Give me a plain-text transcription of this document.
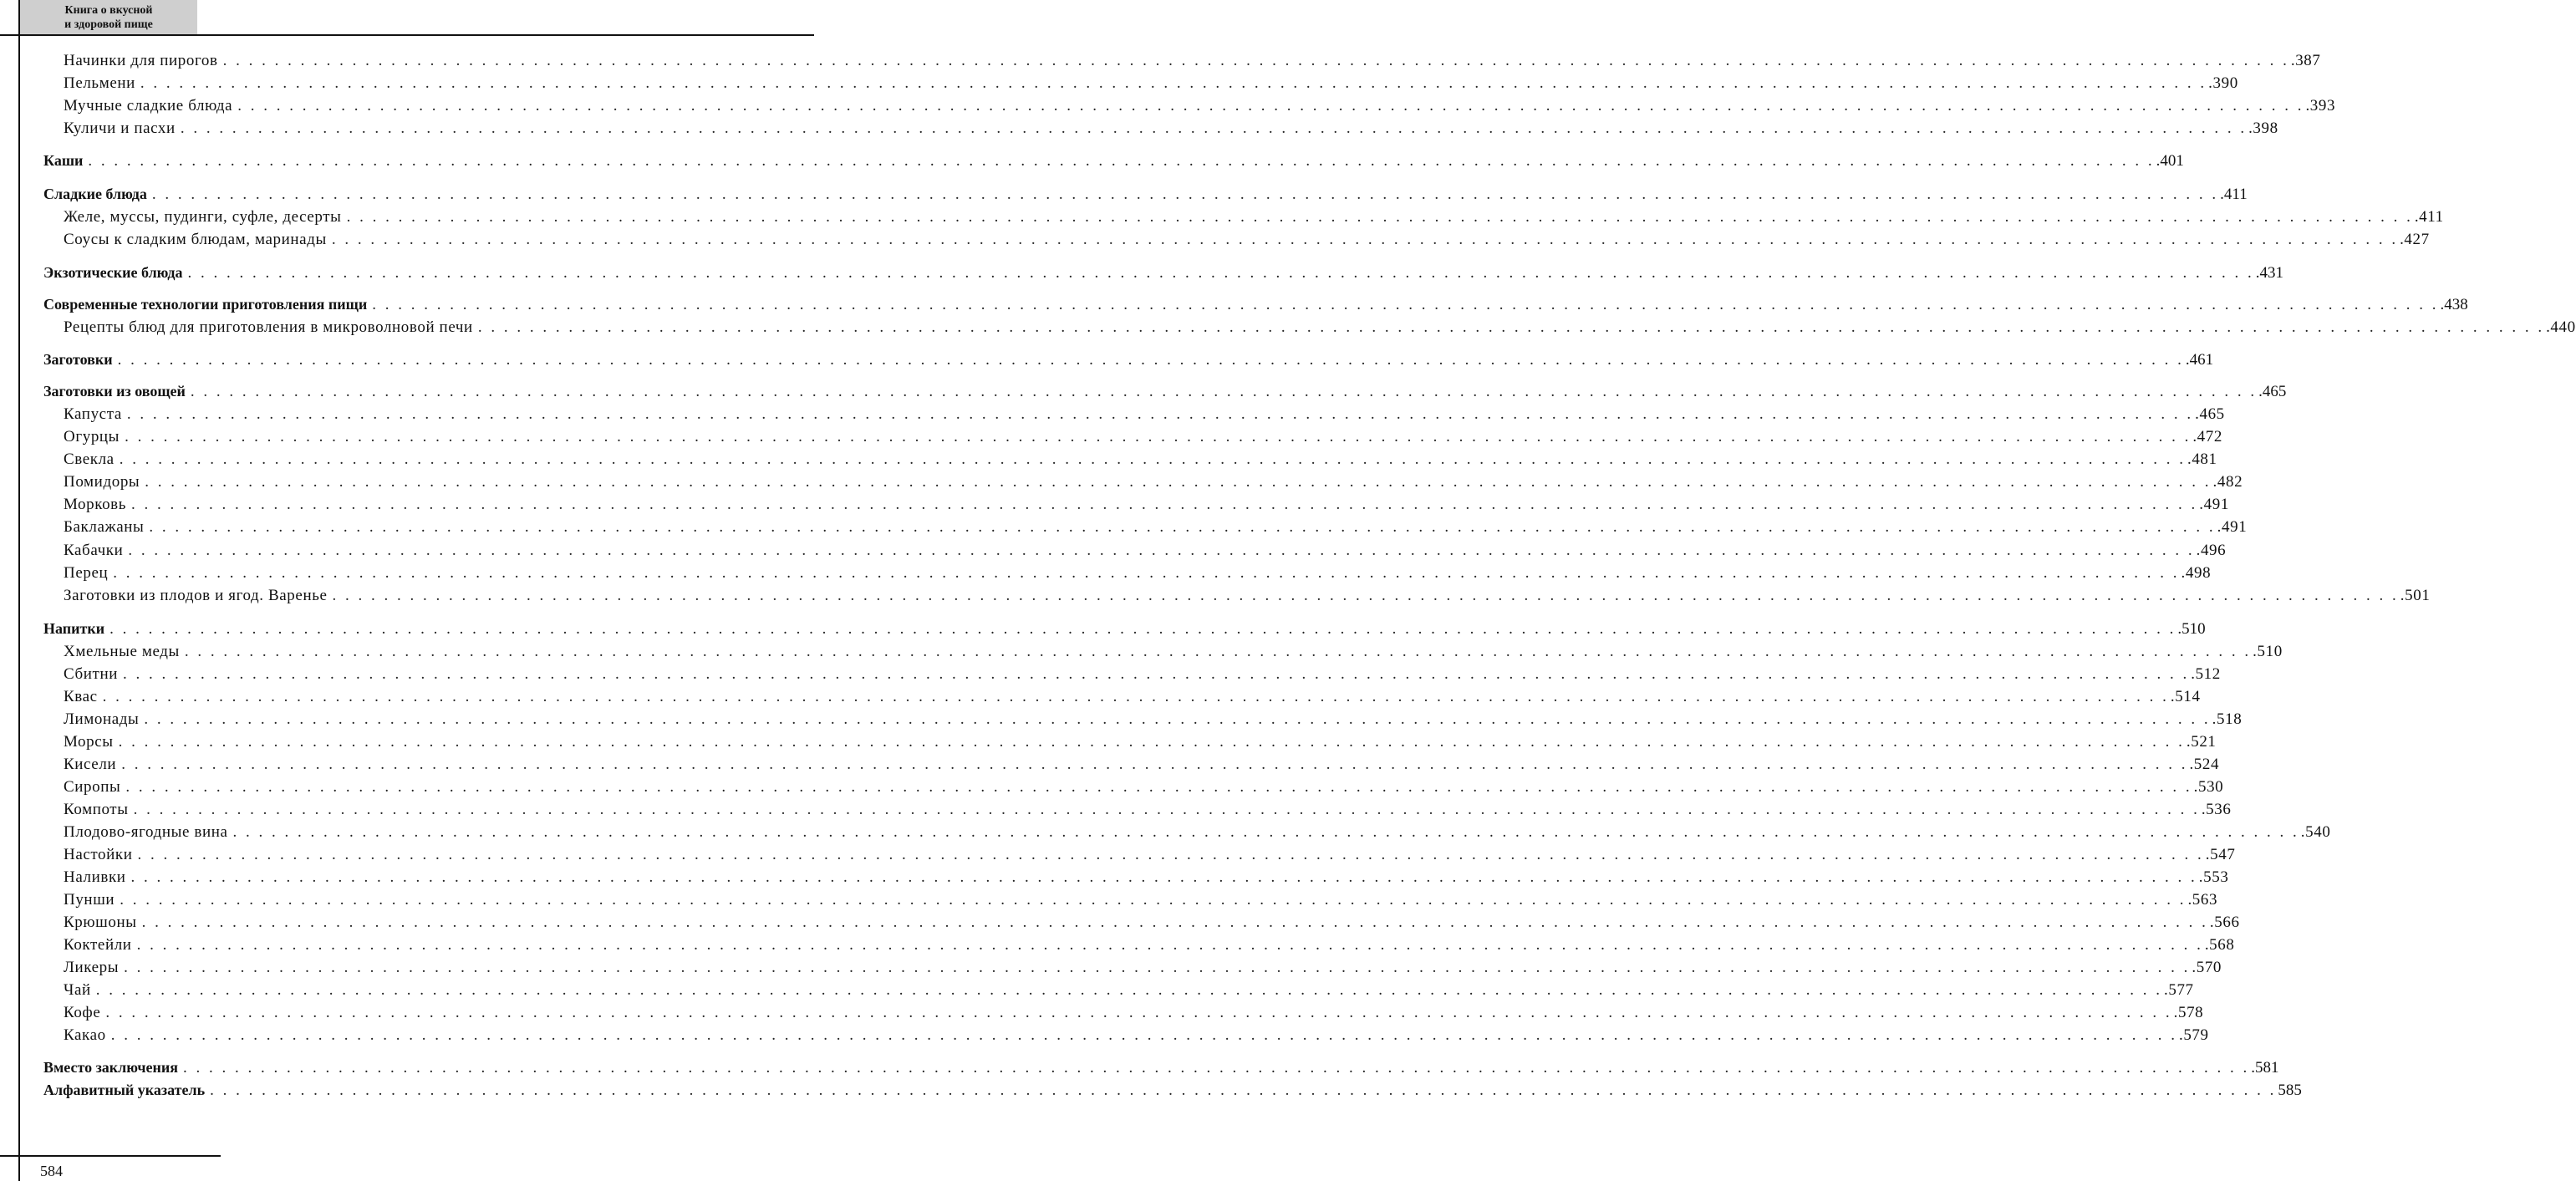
Книга о вкусной
и здоровой пище
Начинки для пирогов . . . . . . . . . . . . . . . . . . . . . . . . . . . . . . . . . . . . . . . . . . . . . . . . . . . . . . . . . . . . . . . . . . . . . . . . . . . . . . . . . . . . . . . . . . . . . . . . . . . . . . . . . . . . . . . . . . . . . . . . . . . . . . . . . . . . . . . . . . . . . . . . . . . . . . . . . . . . . . . . .387
Пельмени . . . . . . . . . . . . . . . . . . . . . . . . . . . . . . . . . . . . . . . . . . . . . . . . . . . . . . . . . . . . . . . . . . . . . . . . . . . . . . . . . . . . . . . . . . . . . . . . . . . . . . . . . . . . . . . . . . . . . . . . . . . . . . . . . . . . . . . . . . . . . . . . . . . . . . . . . . . . . . . . .390
Мучные сладкие блюда . . . . . . . . . . . . . . . . . . . . . . . . . . . . . . . . . . . . . . . . . . . . . . . . . . . . . . . . . . . . . . . . . . . . . . . . . . . . . . . . . . . . . . . . . . . . . . . . . . . . . . . . . . . . . . . . . . . . . . . . . . . . . . . . . . . . . . . . . . . . . . . . . . . . . . . . . . . . . . . . .393
Куличи и пасхи . . . . . . . . . . . . . . . . . . . . . . . . . . . . . . . . . . . . . . . . . . . . . . . . . . . . . . . . . . . . . . . . . . . . . . . . . . . . . . . . . . . . . . . . . . . . . . . . . . . . . . . . . . . . . . . . . . . . . . . . . . . . . . . . . . . . . . . . . . . . . . . . . . . . . . . . . . . . . . . . .398
Каши . . . . . . . . . . . . . . . . . . . . . . . . . . . . . . . . . . . . . . . . . . . . . . . . . . . . . . . . . . . . . . . . . . . . . . . . . . . . . . . . . . . . . . . . . . . . . . . . . . . . . . . . . . . . . . . . . . . . . . . . . . . . . . . . . . . . . . . . . . . . . . . . . . . . . . . . . . . . . . . . .401
Сладкие блюда . . . . . . . . . . . . . . . . . . . . . . . . . . . . . . . . . . . . . . . . . . . . . . . . . . . . . . . . . . . . . . . . . . . . . . . . . . . . . . . . . . . . . . . . . . . . . . . . . . . . . . . . . . . . . . . . . . . . . . . . . . . . . . . . . . . . . . . . . . . . . . . . . . . . . . . . . . . . . . . . .411
Желе, муссы, пудинги, суфле, десерты . . . . . . . . . . . . . . . . . . . . . . . . . . . . . . . . . . . . . . . . . . . . . . . . . . . . . . . . . . . . . . . . . . . . . . . . . . . . . . . . . . . . . . . . . . . . . . . . . . . . . . . . . . . . . . . . . . . . . . . . . . . . . . . . . . . . . . . . . . . . . . . . . . . . . . . . . . . . . . . . .411
Соусы к сладким блюдам, маринады . . . . . . . . . . . . . . . . . . . . . . . . . . . . . . . . . . . . . . . . . . . . . . . . . . . . . . . . . . . . . . . . . . . . . . . . . . . . . . . . . . . . . . . . . . . . . . . . . . . . . . . . . . . . . . . . . . . . . . . . . . . . . . . . . . . . . . . . . . . . . . . . . . . . . . . . . . . . . . . . .427
Экзотические блюда . . . . . . . . . . . . . . . . . . . . . . . . . . . . . . . . . . . . . . . . . . . . . . . . . . . . . . . . . . . . . . . . . . . . . . . . . . . . . . . . . . . . . . . . . . . . . . . . . . . . . . . . . . . . . . . . . . . . . . . . . . . . . . . . . . . . . . . . . . . . . . . . . . . . . . . . . . . . . . . . .431
Современные технологии приготовления пищи . . . . . . . . . . . . . . . . . . . . . . . . . . . . . . . . . . . . . . . . . . . . . . . . . . . . . . . . . . . . . . . . . . . . . . . . . . . . . . . . . . . . . . . . . . . . . . . . . . . . . . . . . . . . . . . . . . . . . . . . . . . . . . . . . . . . . . . . . . . . . . . . . . . . . . . . . . . . . . . . .438
Рецепты блюд для приготовления в микроволновой печи . . . . . . . . . . . . . . . . . . . . . . . . . . . . . . . . . . . . . . . . . . . . . . . . . . . . . . . . . . . . . . . . . . . . . . . . . . . . . . . . . . . . . . . . . . . . . . . . . . . . . . . . . . . . . . . . . . . . . . . . . . . . . . . . . . . . . . . . . . . . . . . . . . . . . . . . . . . . . . . . .440
Заготовки . . . . . . . . . . . . . . . . . . . . . . . . . . . . . . . . . . . . . . . . . . . . . . . . . . . . . . . . . . . . . . . . . . . . . . . . . . . . . . . . . . . . . . . . . . . . . . . . . . . . . . . . . . . . . . . . . . . . . . . . . . . . . . . . . . . . . . . . . . . . . . . . . . . . . . . . . . . . . . . . .461
Заготовки из овощей . . . . . . . . . . . . . . . . . . . . . . . . . . . . . . . . . . . . . . . . . . . . . . . . . . . . . . . . . . . . . . . . . . . . . . . . . . . . . . . . . . . . . . . . . . . . . . . . . . . . . . . . . . . . . . . . . . . . . . . . . . . . . . . . . . . . . . . . . . . . . . . . . . . . . . . . . . . . . . . . .465
Капуста . . . . . . . . . . . . . . . . . . . . . . . . . . . . . . . . . . . . . . . . . . . . . . . . . . . . . . . . . . . . . . . . . . . . . . . . . . . . . . . . . . . . . . . . . . . . . . . . . . . . . . . . . . . . . . . . . . . . . . . . . . . . . . . . . . . . . . . . . . . . . . . . . . . . . . . . . . . . . . . . .465
Огурцы . . . . . . . . . . . . . . . . . . . . . . . . . . . . . . . . . . . . . . . . . . . . . . . . . . . . . . . . . . . . . . . . . . . . . . . . . . . . . . . . . . . . . . . . . . . . . . . . . . . . . . . . . . . . . . . . . . . . . . . . . . . . . . . . . . . . . . . . . . . . . . . . . . . . . . . . . . . . . . . . .472
Свекла . . . . . . . . . . . . . . . . . . . . . . . . . . . . . . . . . . . . . . . . . . . . . . . . . . . . . . . . . . . . . . . . . . . . . . . . . . . . . . . . . . . . . . . . . . . . . . . . . . . . . . . . . . . . . . . . . . . . . . . . . . . . . . . . . . . . . . . . . . . . . . . . . . . . . . . . . . . . . . . . .481
Помидоры . . . . . . . . . . . . . . . . . . . . . . . . . . . . . . . . . . . . . . . . . . . . . . . . . . . . . . . . . . . . . . . . . . . . . . . . . . . . . . . . . . . . . . . . . . . . . . . . . . . . . . . . . . . . . . . . . . . . . . . . . . . . . . . . . . . . . . . . . . . . . . . . . . . . . . . . . . . . . . . . .482
Морковь . . . . . . . . . . . . . . . . . . . . . . . . . . . . . . . . . . . . . . . . . . . . . . . . . . . . . . . . . . . . . . . . . . . . . . . . . . . . . . . . . . . . . . . . . . . . . . . . . . . . . . . . . . . . . . . . . . . . . . . . . . . . . . . . . . . . . . . . . . . . . . . . . . . . . . . . . . . . . . . . .491
Баклажаны . . . . . . . . . . . . . . . . . . . . . . . . . . . . . . . . . . . . . . . . . . . . . . . . . . . . . . . . . . . . . . . . . . . . . . . . . . . . . . . . . . . . . . . . . . . . . . . . . . . . . . . . . . . . . . . . . . . . . . . . . . . . . . . . . . . . . . . . . . . . . . . . . . . . . . . . . . . . . . . . .491
Кабачки . . . . . . . . . . . . . . . . . . . . . . . . . . . . . . . . . . . . . . . . . . . . . . . . . . . . . . . . . . . . . . . . . . . . . . . . . . . . . . . . . . . . . . . . . . . . . . . . . . . . . . . . . . . . . . . . . . . . . . . . . . . . . . . . . . . . . . . . . . . . . . . . . . . . . . . . . . . . . . . . .496
Перец . . . . . . . . . . . . . . . . . . . . . . . . . . . . . . . . . . . . . . . . . . . . . . . . . . . . . . . . . . . . . . . . . . . . . . . . . . . . . . . . . . . . . . . . . . . . . . . . . . . . . . . . . . . . . . . . . . . . . . . . . . . . . . . . . . . . . . . . . . . . . . . . . . . . . . . . . . . . . . . . .498
Заготовки из плодов и ягод. Варенье . . . . . . . . . . . . . . . . . . . . . . . . . . . . . . . . . . . . . . . . . . . . . . . . . . . . . . . . . . . . . . . . . . . . . . . . . . . . . . . . . . . . . . . . . . . . . . . . . . . . . . . . . . . . . . . . . . . . . . . . . . . . . . . . . . . . . . . . . . . . . . . . . . . . . . . . . . . . . . . . .501
Напитки . . . . . . . . . . . . . . . . . . . . . . . . . . . . . . . . . . . . . . . . . . . . . . . . . . . . . . . . . . . . . . . . . . . . . . . . . . . . . . . . . . . . . . . . . . . . . . . . . . . . . . . . . . . . . . . . . . . . . . . . . . . . . . . . . . . . . . . . . . . . . . . . . . . . . . . . . . . . . . . . .510
Хмельные меды . . . . . . . . . . . . . . . . . . . . . . . . . . . . . . . . . . . . . . . . . . . . . . . . . . . . . . . . . . . . . . . . . . . . . . . . . . . . . . . . . . . . . . . . . . . . . . . . . . . . . . . . . . . . . . . . . . . . . . . . . . . . . . . . . . . . . . . . . . . . . . . . . . . . . . . . . . . . . . . . .510
Сбитни . . . . . . . . . . . . . . . . . . . . . . . . . . . . . . . . . . . . . . . . . . . . . . . . . . . . . . . . . . . . . . . . . . . . . . . . . . . . . . . . . . . . . . . . . . . . . . . . . . . . . . . . . . . . . . . . . . . . . . . . . . . . . . . . . . . . . . . . . . . . . . . . . . . . . . . . . . . . . . . . .512
Квас . . . . . . . . . . . . . . . . . . . . . . . . . . . . . . . . . . . . . . . . . . . . . . . . . . . . . . . . . . . . . . . . . . . . . . . . . . . . . . . . . . . . . . . . . . . . . . . . . . . . . . . . . . . . . . . . . . . . . . . . . . . . . . . . . . . . . . . . . . . . . . . . . . . . . . . . . . . . . . . . .514
Лимонады . . . . . . . . . . . . . . . . . . . . . . . . . . . . . . . . . . . . . . . . . . . . . . . . . . . . . . . . . . . . . . . . . . . . . . . . . . . . . . . . . . . . . . . . . . . . . . . . . . . . . . . . . . . . . . . . . . . . . . . . . . . . . . . . . . . . . . . . . . . . . . . . . . . . . . . . . . . . . . . . .518
Морсы . . . . . . . . . . . . . . . . . . . . . . . . . . . . . . . . . . . . . . . . . . . . . . . . . . . . . . . . . . . . . . . . . . . . . . . . . . . . . . . . . . . . . . . . . . . . . . . . . . . . . . . . . . . . . . . . . . . . . . . . . . . . . . . . . . . . . . . . . . . . . . . . . . . . . . . . . . . . . . . . .521
Кисели . . . . . . . . . . . . . . . . . . . . . . . . . . . . . . . . . . . . . . . . . . . . . . . . . . . . . . . . . . . . . . . . . . . . . . . . . . . . . . . . . . . . . . . . . . . . . . . . . . . . . . . . . . . . . . . . . . . . . . . . . . . . . . . . . . . . . . . . . . . . . . . . . . . . . . . . . . . . . . . . .524
Сиропы . . . . . . . . . . . . . . . . . . . . . . . . . . . . . . . . . . . . . . . . . . . . . . . . . . . . . . . . . . . . . . . . . . . . . . . . . . . . . . . . . . . . . . . . . . . . . . . . . . . . . . . . . . . . . . . . . . . . . . . . . . . . . . . . . . . . . . . . . . . . . . . . . . . . . . . . . . . . . . . . .530
Компоты . . . . . . . . . . . . . . . . . . . . . . . . . . . . . . . . . . . . . . . . . . . . . . . . . . . . . . . . . . . . . . . . . . . . . . . . . . . . . . . . . . . . . . . . . . . . . . . . . . . . . . . . . . . . . . . . . . . . . . . . . . . . . . . . . . . . . . . . . . . . . . . . . . . . . . . . . . . . . . . . .536
Плодово-ягодные вина . . . . . . . . . . . . . . . . . . . . . . . . . . . . . . . . . . . . . . . . . . . . . . . . . . . . . . . . . . . . . . . . . . . . . . . . . . . . . . . . . . . . . . . . . . . . . . . . . . . . . . . . . . . . . . . . . . . . . . . . . . . . . . . . . . . . . . . . . . . . . . . . . . . . . . . . . . . . . . . . .540
Настойки . . . . . . . . . . . . . . . . . . . . . . . . . . . . . . . . . . . . . . . . . . . . . . . . . . . . . . . . . . . . . . . . . . . . . . . . . . . . . . . . . . . . . . . . . . . . . . . . . . . . . . . . . . . . . . . . . . . . . . . . . . . . . . . . . . . . . . . . . . . . . . . . . . . . . . . . . . . . . . . . .547
Наливки . . . . . . . . . . . . . . . . . . . . . . . . . . . . . . . . . . . . . . . . . . . . . . . . . . . . . . . . . . . . . . . . . . . . . . . . . . . . . . . . . . . . . . . . . . . . . . . . . . . . . . . . . . . . . . . . . . . . . . . . . . . . . . . . . . . . . . . . . . . . . . . . . . . . . . . . . . . . . . . . .553
Пунши . . . . . . . . . . . . . . . . . . . . . . . . . . . . . . . . . . . . . . . . . . . . . . . . . . . . . . . . . . . . . . . . . . . . . . . . . . . . . . . . . . . . . . . . . . . . . . . . . . . . . . . . . . . . . . . . . . . . . . . . . . . . . . . . . . . . . . . . . . . . . . . . . . . . . . . . . . . . . . . . .563
Крюшоны . . . . . . . . . . . . . . . . . . . . . . . . . . . . . . . . . . . . . . . . . . . . . . . . . . . . . . . . . . . . . . . . . . . . . . . . . . . . . . . . . . . . . . . . . . . . . . . . . . . . . . . . . . . . . . . . . . . . . . . . . . . . . . . . . . . . . . . . . . . . . . . . . . . . . . . . . . . . . . . . .566
Коктейли . . . . . . . . . . . . . . . . . . . . . . . . . . . . . . . . . . . . . . . . . . . . . . . . . . . . . . . . . . . . . . . . . . . . . . . . . . . . . . . . . . . . . . . . . . . . . . . . . . . . . . . . . . . . . . . . . . . . . . . . . . . . . . . . . . . . . . . . . . . . . . . . . . . . . . . . . . . . . . . . .568
Ликеры . . . . . . . . . . . . . . . . . . . . . . . . . . . . . . . . . . . . . . . . . . . . . . . . . . . . . . . . . . . . . . . . . . . . . . . . . . . . . . . . . . . . . . . . . . . . . . . . . . . . . . . . . . . . . . . . . . . . . . . . . . . . . . . . . . . . . . . . . . . . . . . . . . . . . . . . . . . . . . . . .570
Чай . . . . . . . . . . . . . . . . . . . . . . . . . . . . . . . . . . . . . . . . . . . . . . . . . . . . . . . . . . . . . . . . . . . . . . . . . . . . . . . . . . . . . . . . . . . . . . . . . . . . . . . . . . . . . . . . . . . . . . . . . . . . . . . . . . . . . . . . . . . . . . . . . . . . . . . . . . . . . . . . .577
Кофе . . . . . . . . . . . . . . . . . . . . . . . . . . . . . . . . . . . . . . . . . . . . . . . . . . . . . . . . . . . . . . . . . . . . . . . . . . . . . . . . . . . . . . . . . . . . . . . . . . . . . . . . . . . . . . . . . . . . . . . . . . . . . . . . . . . . . . . . . . . . . . . . . . . . . . . . . . . . . . . . .578
Какао . . . . . . . . . . . . . . . . . . . . . . . . . . . . . . . . . . . . . . . . . . . . . . . . . . . . . . . . . . . . . . . . . . . . . . . . . . . . . . . . . . . . . . . . . . . . . . . . . . . . . . . . . . . . . . . . . . . . . . . . . . . . . . . . . . . . . . . . . . . . . . . . . . . . . . . . . . . . . . . . .579
Вместо заключения . . . . . . . . . . . . . . . . . . . . . . . . . . . . . . . . . . . . . . . . . . . . . . . . . . . . . . . . . . . . . . . . . . . . . . . . . . . . . . . . . . . . . . . . . . . . . . . . . . . . . . . . . . . . . . . . . . . . . . . . . . . . . . . . . . . . . . . . . . . . . . . . . . . . . . . . . . . . . . . . .581
Алфавитный указатель . . . . . . . . . . . . . . . . . . . . . . . . . . . . . . . . . . . . . . . . . . . . . . . . . . . . . . . . . . . . . . . . . . . . . . . . . . . . . . . . . . . . . . . . . . . . . . . . . . . . . . . . . . . . . . . . . . . . . . . . . . . . . . . . . . . . . . . . . . . . . . . . . . . . . . . . . . . . . . . . 585
584
